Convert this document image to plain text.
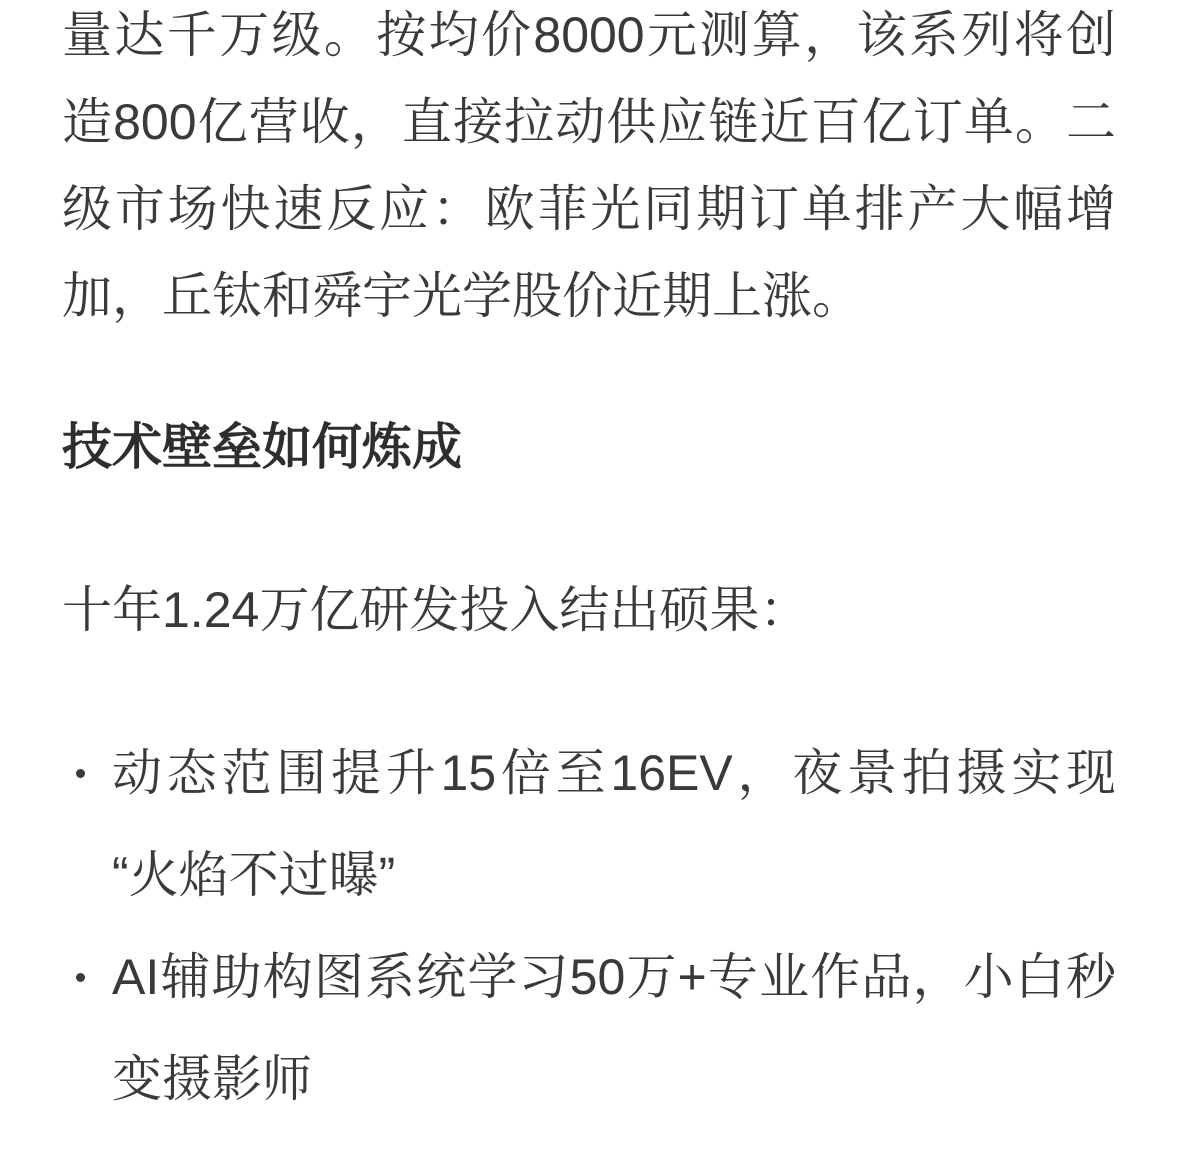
量达千万级。按均价8000元测算，该系列将创
造800亿营收，直接拉动供应链近百亿订单。二
级市场快速反应：欧菲光同期订单排产大幅增
加，丘钛和舜宇光学股价近期上涨。
技术壁垒如何炼成

十年1.24万亿研发投入结出硕果：

动态范围提升15倍至16EV，夜景拍摄实现
“火焰不过曝”
AI辅助构图系统学习50万+专业作品，小白秒
变摄影师
